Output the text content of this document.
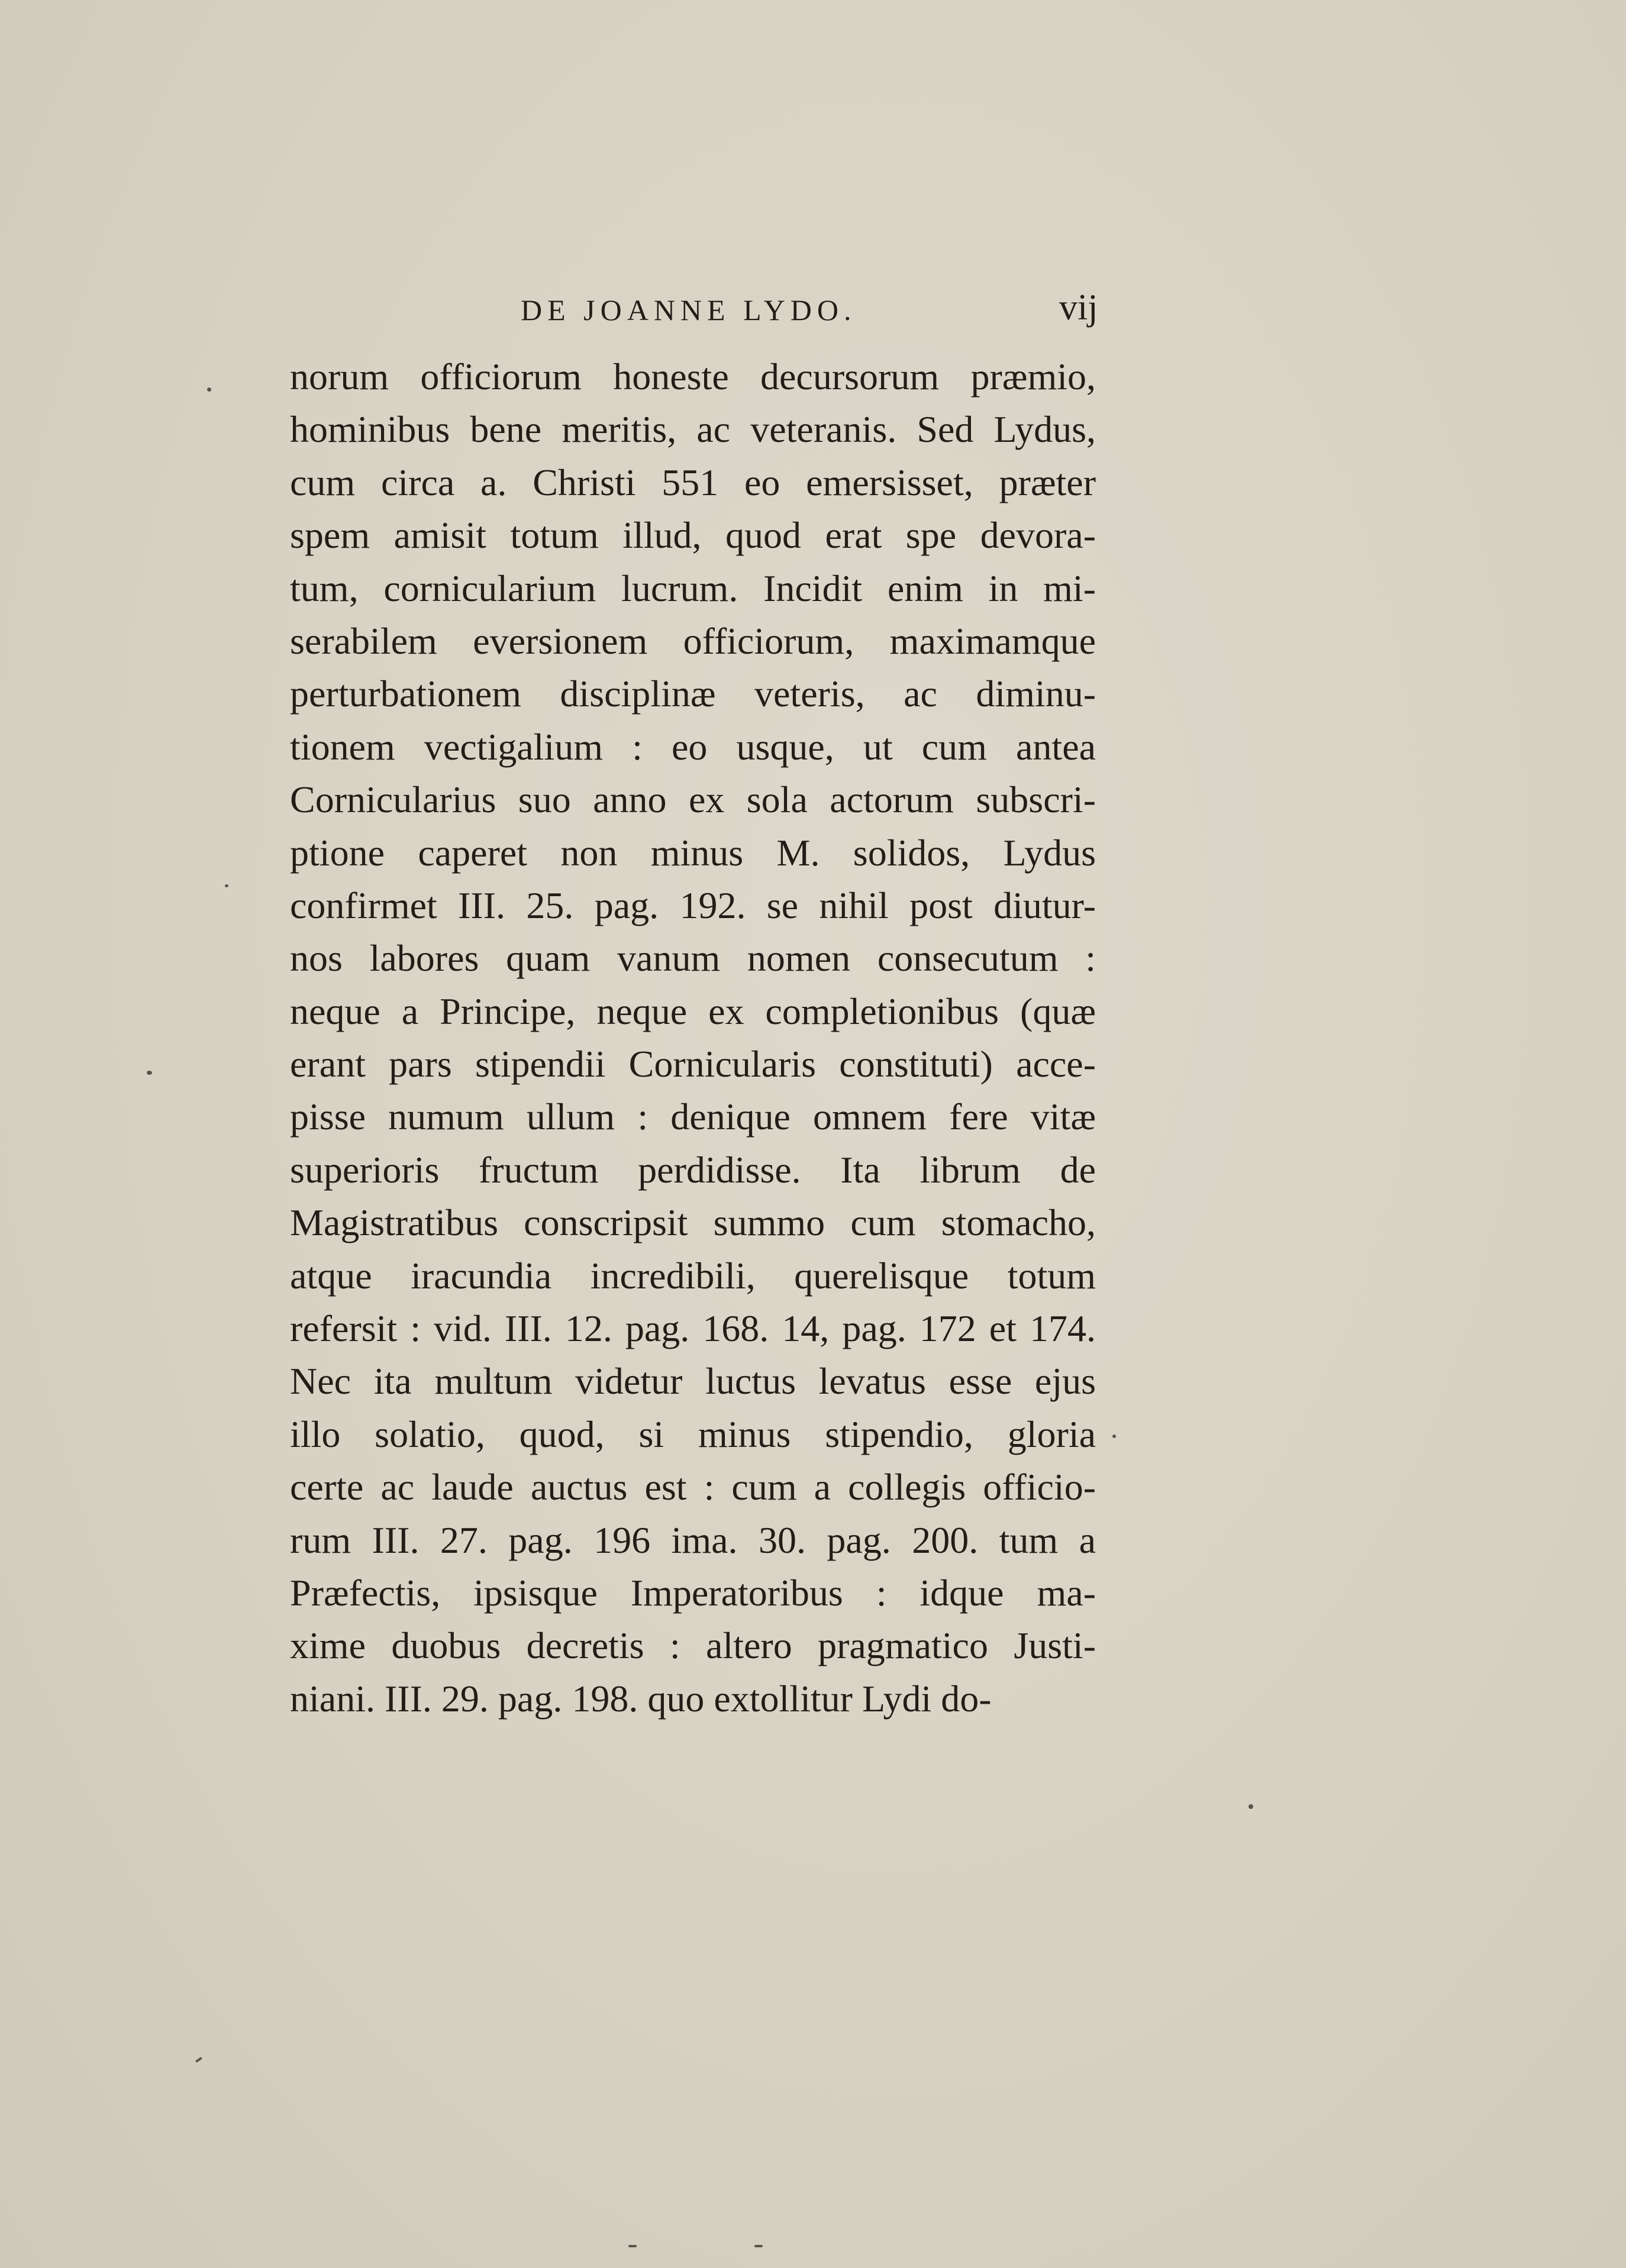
DE JOANNE LYDO.	vij
norum officiorum honeste decursorum præmio,
hominibus bene meritis, ac veteranis. Sed Lydus,
cum circa a. Christi 551 eo emersisset, præter
spem amisit totum illud, quod erat spe devora-
tum, cornicularium lucrum. Incidit enim in mi-
serabilem eversionem officiorum, maximamque
perturbationem disciplinæ veteris, ac diminu-
tionem vectigalium : eo usque, ut cum antea
Cornicularius suo anno ex sola actorum subscri-
ptione caperet non minus M. solidos, Lydus
confirmet III. 25. pag. 192. se nihil post diutur-
nos labores quam vanum nomen consecutum :
neque a Principe, neque ex completionibus (quæ
erant pars stipendii Cornicularis constituti) acce-
pisse numum ullum : denique omnem fere vitæ
superioris fructum perdidisse. Ita librum de
Magistratibus conscripsit summo cum stomacho,
atque iracundia incredibili, querelisque totum
refersit : vid. III. 12. pag. 168. 14, pag. 172 et 174.
Nec ita multum videtur luctus levatus esse ejus
illo solatio, quod, si minus stipendio, gloria
certe ac laude auctus est : cum a collegis officio-
rum III. 27. pag. 196 ima. 30. pag. 200. tum a
Præfectis, ipsisque Imperatoribus : idque ma-
xime duobus decretis : altero pragmatico Justi-
niani. III. 29. pag. 198. quo extollitur Lydi do-
